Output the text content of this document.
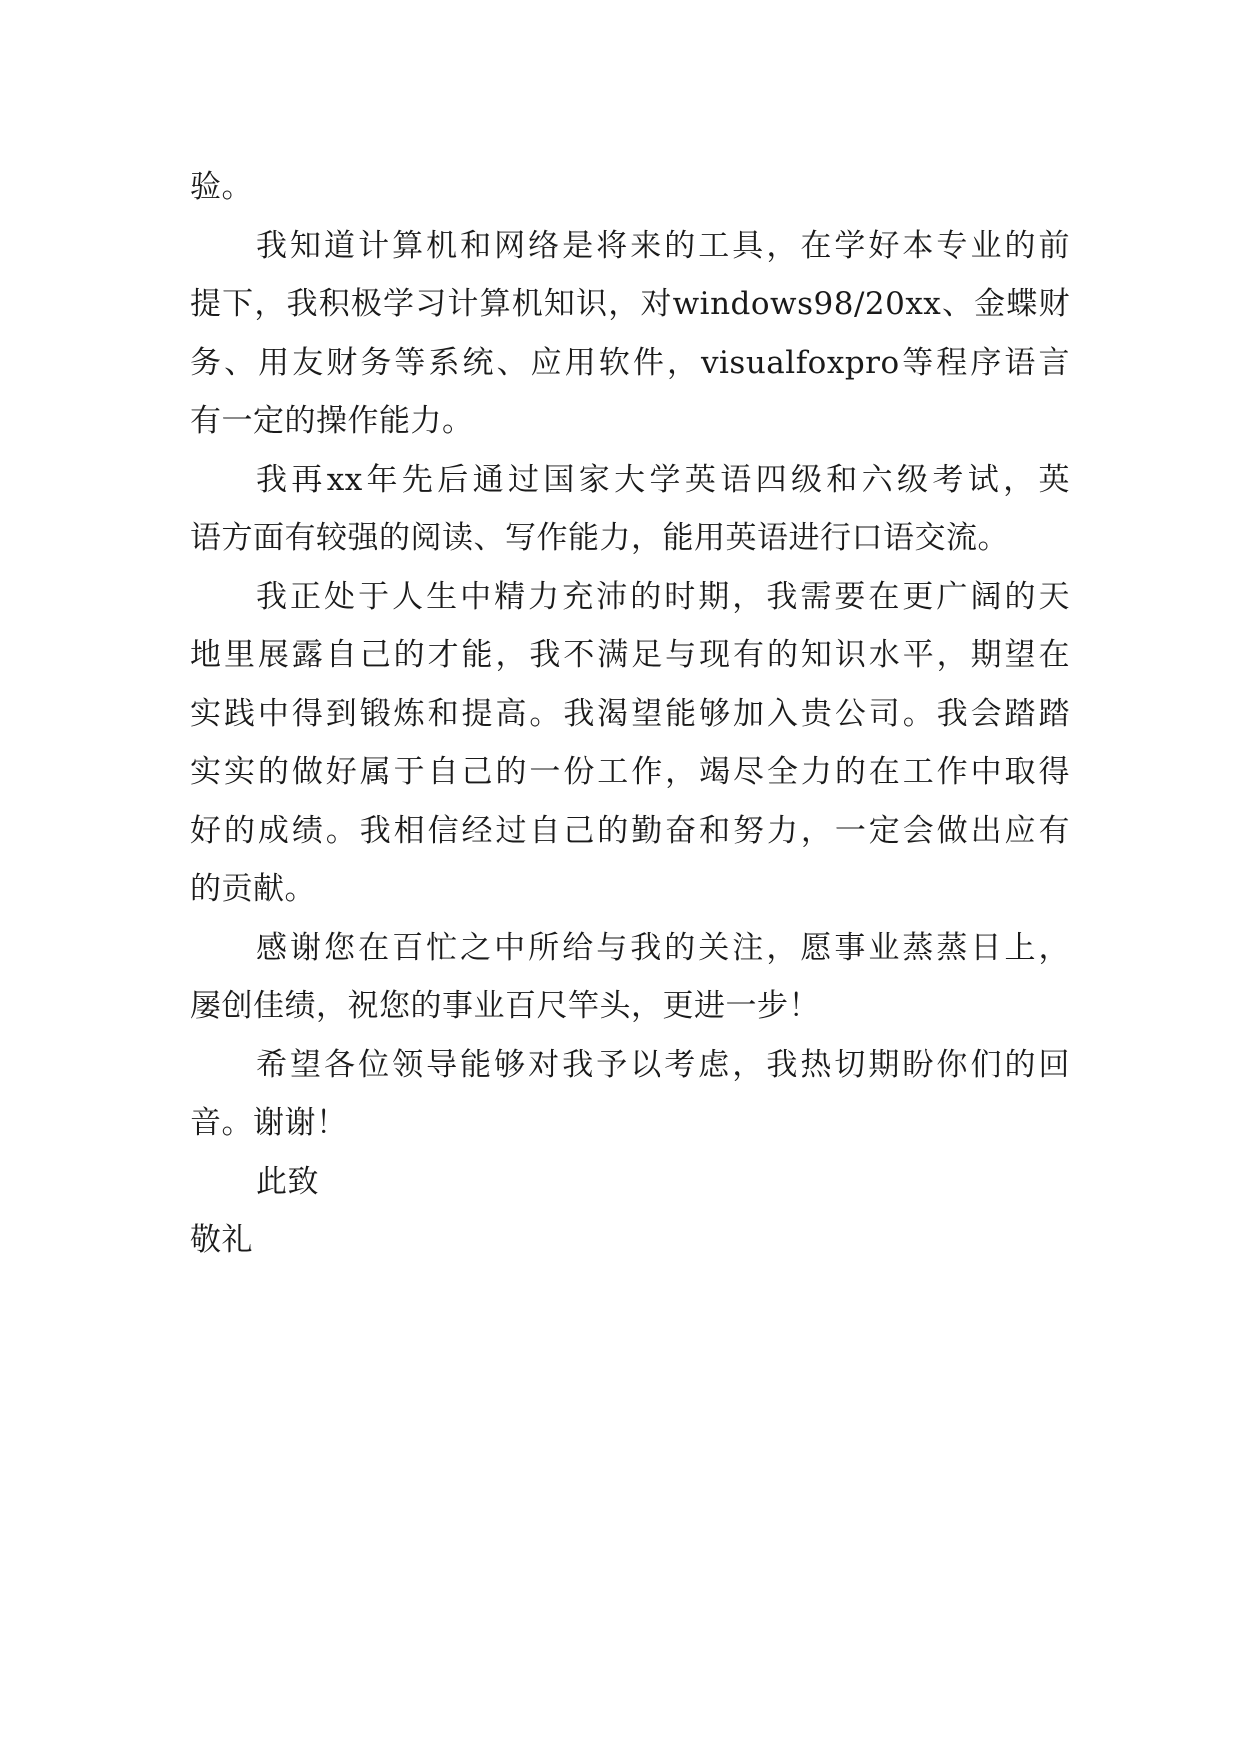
验。
我知道计算机和网络是将来的工具，在学好本专业的前
提下，我积极学习计算机知识，对windows98/20xx、金蝶财
务、用友财务等系统、应用软件，visualfoxpro等程序语言
有一定的操作能力。
我再xx年先后通过国家大学英语四级和六级考试，英
语方面有较强的阅读、写作能力，能用英语进行口语交流。
我正处于人生中精力充沛的时期，我需要在更广阔的天
地里展露自己的才能，我不满足与现有的知识水平，期望在
实践中得到锻炼和提高。我渴望能够加入贵公司。我会踏踏
实实的做好属于自己的一份工作，竭尽全力的在工作中取得
好的成绩。我相信经过自己的勤奋和努力，一定会做出应有
的贡献。
感谢您在百忙之中所给与我的关注，愿事业蒸蒸日上，
屡创佳绩，祝您的事业百尺竿头，更进一步！
希望各位领导能够对我予以考虑，我热切期盼你们的回
音。谢谢！
此致
敬礼
